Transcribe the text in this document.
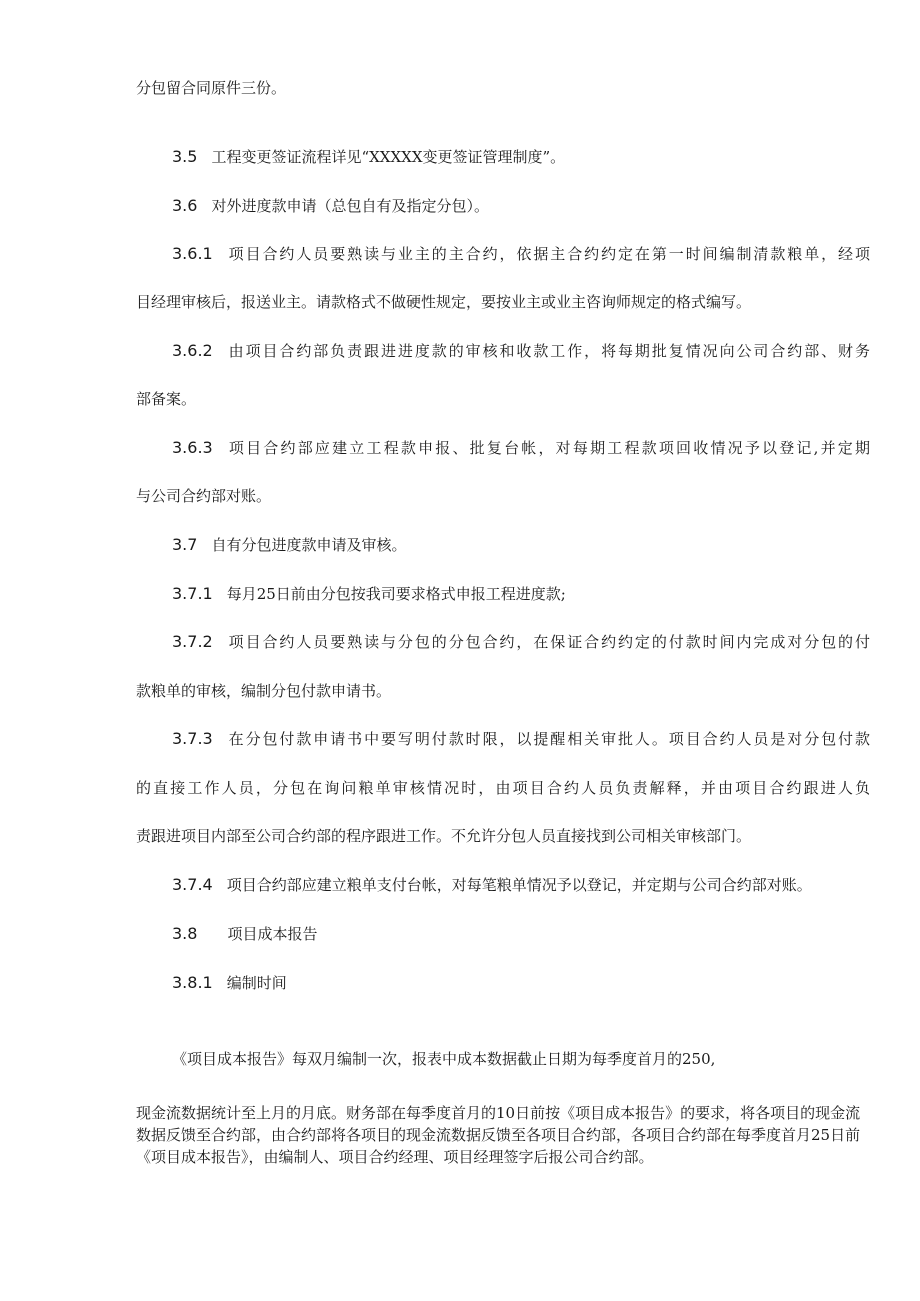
分包留合同原件三份。
3.5 工程变更签证流程详见“XXXXX变更签证管理制度”。
3.6 对外进度款申请（总包自有及指定分包）。
3.6.1 项目合约人员要熟读与业主的主合约，依据主合约约定在第一时间编制清款粮单，经项
目经理审核后，报送业主。请款格式不做硬性规定，要按业主或业主咨询师规定的格式编写。
3.6.2 由项目合约部负责跟进进度款的审核和收款工作，将每期批复情况向公司合约部、财务
部备案。
3.6.3 项目合约部应建立工程款申报、批复台帐，对每期工程款项回收情况予以登记,并定期
与公司合约部对账。
3.7 自有分包进度款申请及审核。
3.7.1 每月25日前由分包按我司要求格式申报工程进度款;
3.7.2 项目合约人员要熟读与分包的分包合约，在保证合约约定的付款时间内完成对分包的付
款粮单的审核，编制分包付款申请书。
3.7.3 在分包付款申请书中要写明付款时限，以提醒相关审批人。项目合约人员是对分包付款
的直接工作人员，分包在询问粮单审核情况时，由项目合约人员负责解释，并由项目合约跟进人负
责跟进项目内部至公司合约部的程序跟进工作。不允许分包人员直接找到公司相关审核部门。
3.7.4 项目合约部应建立粮单支付台帐，对每笔粮单情况予以登记，并定期与公司合约部对账。
3.8 项目成本报告
3.8.1 编制时间
《项目成本报告》每双月编制一次，报表中成本数据截止日期为每季度首月的250,
现金流数据统计至上月的月底。财务部在每季度首月的10日前按《项目成本报告》的要求，将各项目的现金流数据反馈至合约部，由合约部将各项目的现金流数据反馈至各项目合约部，各项目合约部在每季度首月25日前《项目成本报告》，由编制人、项目合约经理、项目经理签字后报公司合约部。
